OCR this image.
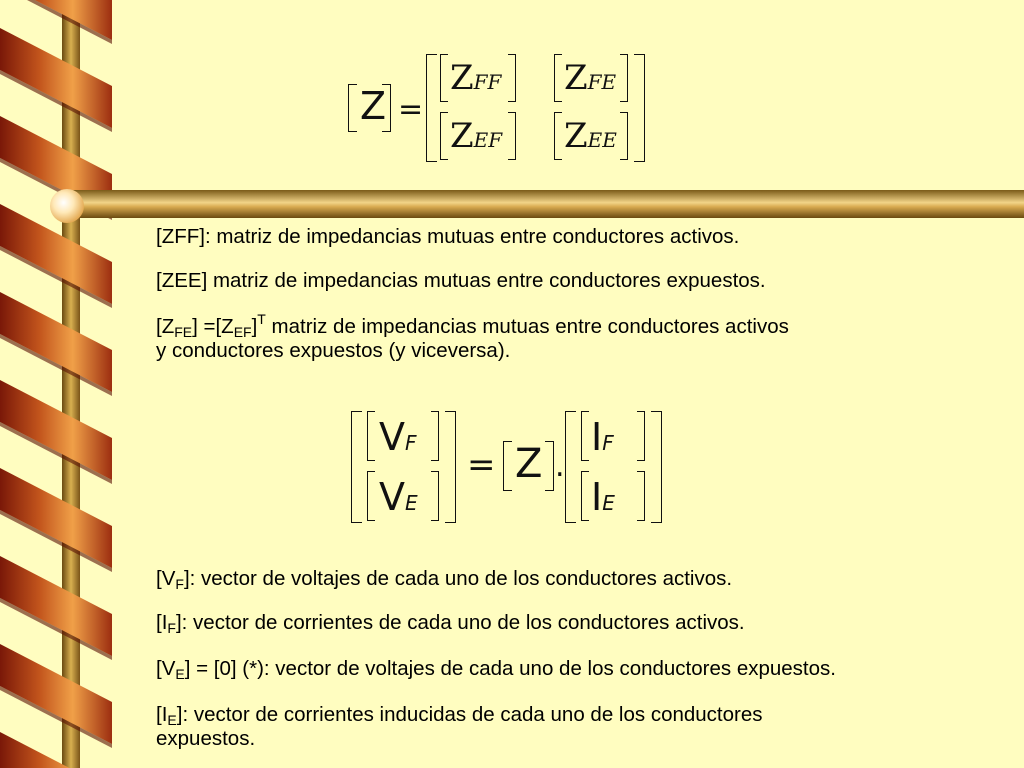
Z =
ZFF ZFE
ZEF ZEE
[ZFF]: matriz de impedancias mutuas entre conductores activos.
[ZEE] matriz de impedancias mutuas entre conductores expuestos.
$[Z_{FE}] =[Z_{EF}]^T$ matriz de impedancias mutuas entre conductores activos
y conductores expuestos (y viceversa).
VF
VE
= Z .
IF
IE
$[V_F]$: vector de voltajes de cada uno de los conductores activos.
$[I_F]$: vector de corrientes de cada uno de los conductores activos.
$[V_E] = [0]$ (*): vector de voltajes de cada uno de los conductores expuestos.
$[I_E]$: vector de corrientes inducidas de cada uno de los conductores
expuestos.
